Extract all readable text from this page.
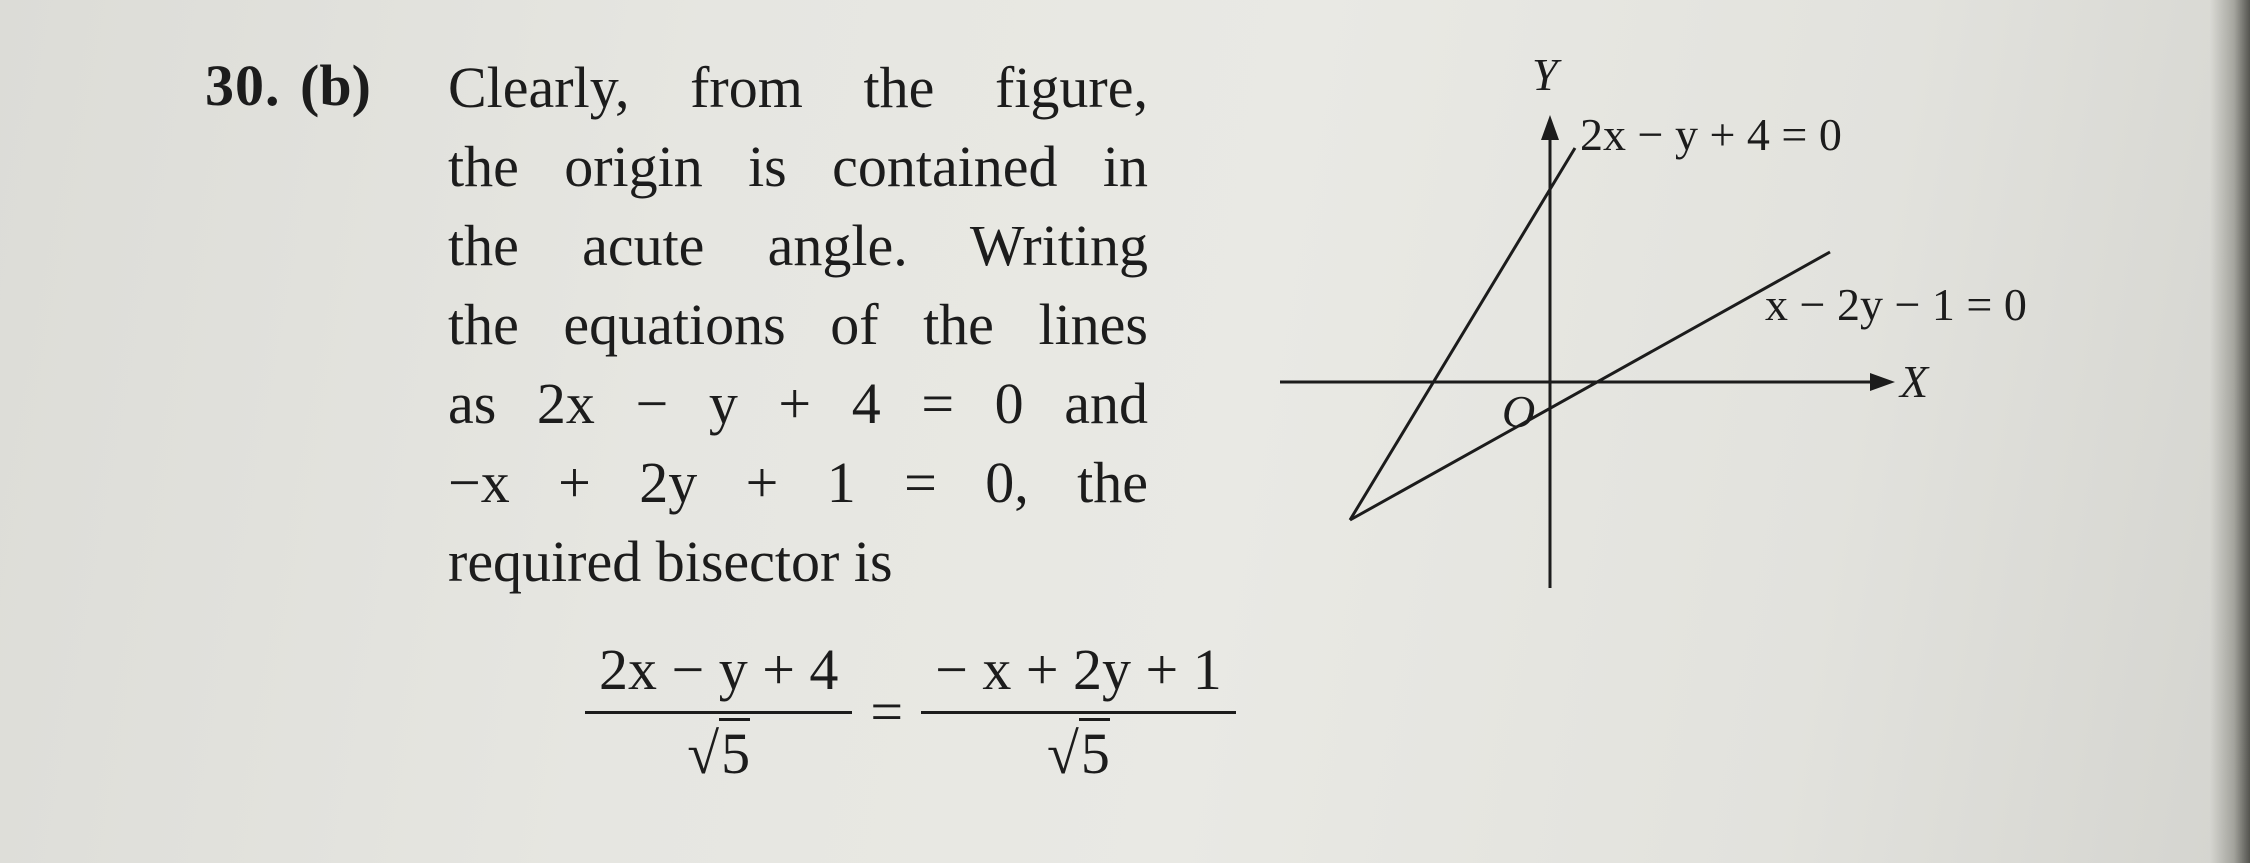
30. (b) Clearly, from the figure,
the origin is contained in
the acute angle. Writing
the equations of the lines
as 2x − y + 4 = 0 and
−x + 2y + 1 = 0, the
required bisector is
$\frac{2x - y + 4}{√5} = \frac{- x + 2y + 1}{√5}$
Y
X
O
2x − y + 4 = 0
x − 2y − 1 = 0
